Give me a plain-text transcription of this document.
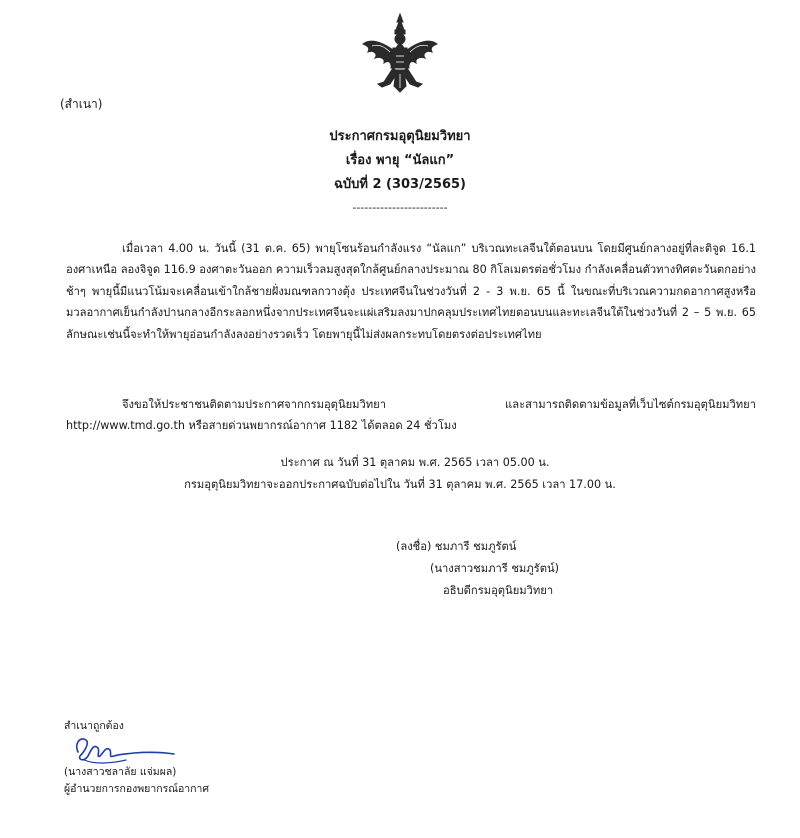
(สำเนา)
ประกาศกรมอุตุนิยมวิทยา
เรื่อง พายุ “นัลแก”
ฉบับที่ 2 (303/2565)
------------------------

เมื่อเวลา 4.00 น. วันนี้ (31 ต.ค. 65) พายุโซนร้อนกำลังแรง “นัลแก” บริเวณทะเลจีนใต้ตอนบน โดยมีศูนย์กลางอยู่ที่ละติจูด 16.1 องศาเหนือ ลองจิจูด 116.9 องศาตะวันออก ความเร็วลมสูงสุดใกล้ศูนย์กลางประมาณ 80 กิโลเมตรต่อชั่วโมง กำลังเคลื่อนตัวทางทิศตะวันตกอย่างช้าๆ พายุนี้มีแนวโน้มจะเคลื่อนเข้าใกล้ชายฝั่งมณฑลกวางตุ้ง ประเทศจีนในช่วงวันที่ 2 - 3 พ.ย. 65 นี้ ในขณะที่บริเวณความกดอากาศสูงหรือมวลอากาศเย็นกำลังปานกลางอีกระลอกหนึ่งจากประเทศจีนจะแผ่เสริมลงมาปกคลุมประเทศไทยตอนบนและทะเลจีนใต้ในช่วงวันที่ 2 – 5 พ.ย. 65 ลักษณะเช่นนี้จะทำให้พายุอ่อนกำลังลงอย่างรวดเร็ว โดยพายุนี้ไม่ส่งผลกระทบโดยตรงต่อประเทศไทย

จึงขอให้ประชาชนติดตามประกาศจากกรมอุตุนิยมวิทยา และสามารถติดตามข้อมูลที่เว็บไซต์กรมอุตุนิยมวิทยา http://www.tmd.go.th หรือสายด่วนพยากรณ์อากาศ 1182 ได้ตลอด 24 ชั่วโมง

ประกาศ ณ วันที่ 31 ตุลาคม พ.ศ. 2565 เวลา 05.00 น.
กรมอุตุนิยมวิทยาจะออกประกาศฉบับต่อไปใน วันที่ 31 ตุลาคม พ.ศ. 2565 เวลา 17.00 น.
(ลงชื่อ) ชมภารี ชมภูรัตน์
(นางสาวชมภารี ชมภูรัตน์)
อธิบดีกรมอุตุนิยมวิทยา
สำเนาถูกต้อง
(นางสาวชลาลัย แจ่มผล)
ผู้อำนวยการกองพยากรณ์อากาศ
